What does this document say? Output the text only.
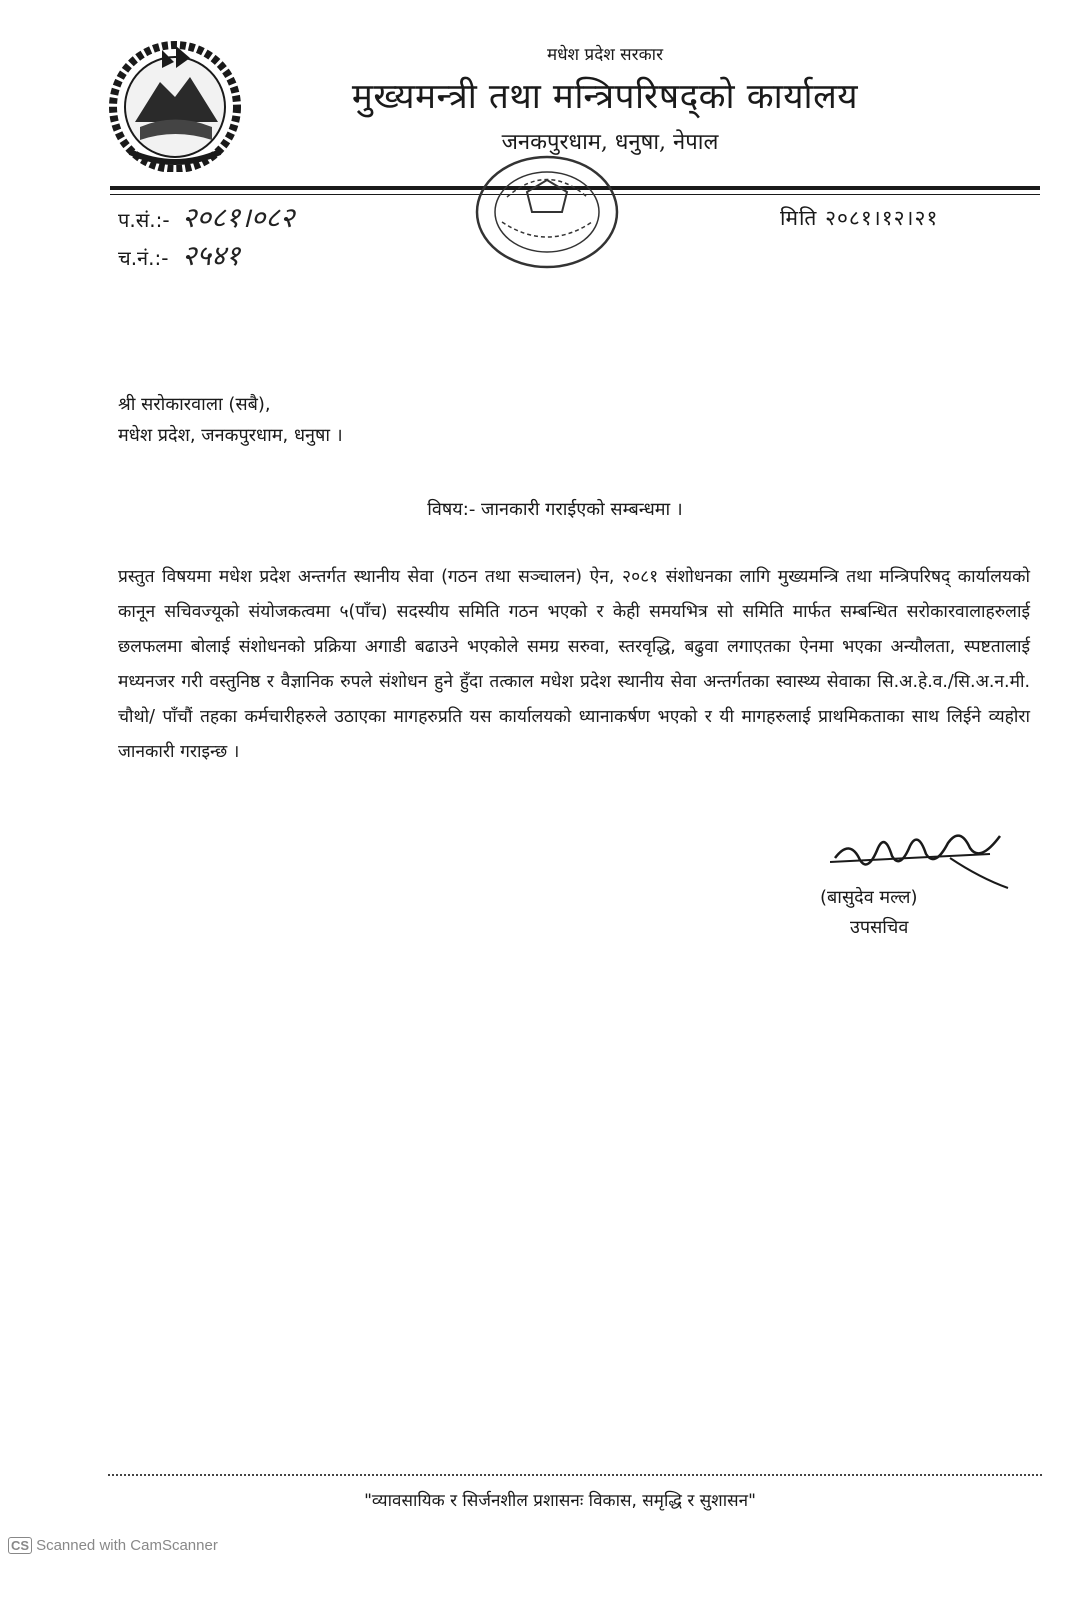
मधेश प्रदेश सरकार
मुख्यमन्त्री तथा मन्त्रिपरिषद्‌को कार्यालय
जनकपुरधाम, धनुषा, नेपाल
प.सं.:- २०८१।०८२
च.नं.:- २५४१
मिति २०८१।१२।२१
श्री सरोकारवाला (सबै),
मधेश प्रदेश, जनकपुरधाम, धनुषा ।
विषय:- जानकारी गराईएको सम्बन्धमा ।
प्रस्तुत विषयमा मधेश प्रदेश अन्तर्गत स्थानीय सेवा (गठन तथा सञ्चालन) ऐन, २०८१ संशोधनका लागि मुख्यमन्त्रि तथा मन्त्रिपरिषद् कार्यालयको कानून सचिवज्यूको संयोजकत्वमा ५(पाँच) सदस्यीय समिति गठन भएको र केही समयभित्र सो समिति मार्फत सम्बन्धित सरोकारवालाहरुलाई छलफलमा बोलाई संशोधनको प्रक्रिया अगाडी बढाउने भएकोले समग्र सरुवा, स्तरवृद्धि, बढुवा लगाएतका ऐनमा भएका अन्यौलता, स्पष्टतालाई मध्यनजर गरी वस्तुनिष्ठ र वैज्ञानिक रुपले संशोधन हुने हुँदा तत्काल मधेश प्रदेश स्थानीय सेवा अन्तर्गतका स्वास्थ्य सेवाका सि.अ.हे.व./सि.अ.न.मी. चौथो/ पाँचौं तहका कर्मचारीहरुले उठाएका मागहरुप्रति यस कार्यालयको ध्यानाकर्षण भएको र यी मागहरुलाई प्राथमिकताका साथ लिईने व्यहोरा जानकारी गराइन्छ ।
(बासुदेव मल्ल)
उपसचिव
"व्यावसायिक र सिर्जनशील प्रशासनः विकास, समृद्धि र सुशासन"
CS Scanned with CamScanner
